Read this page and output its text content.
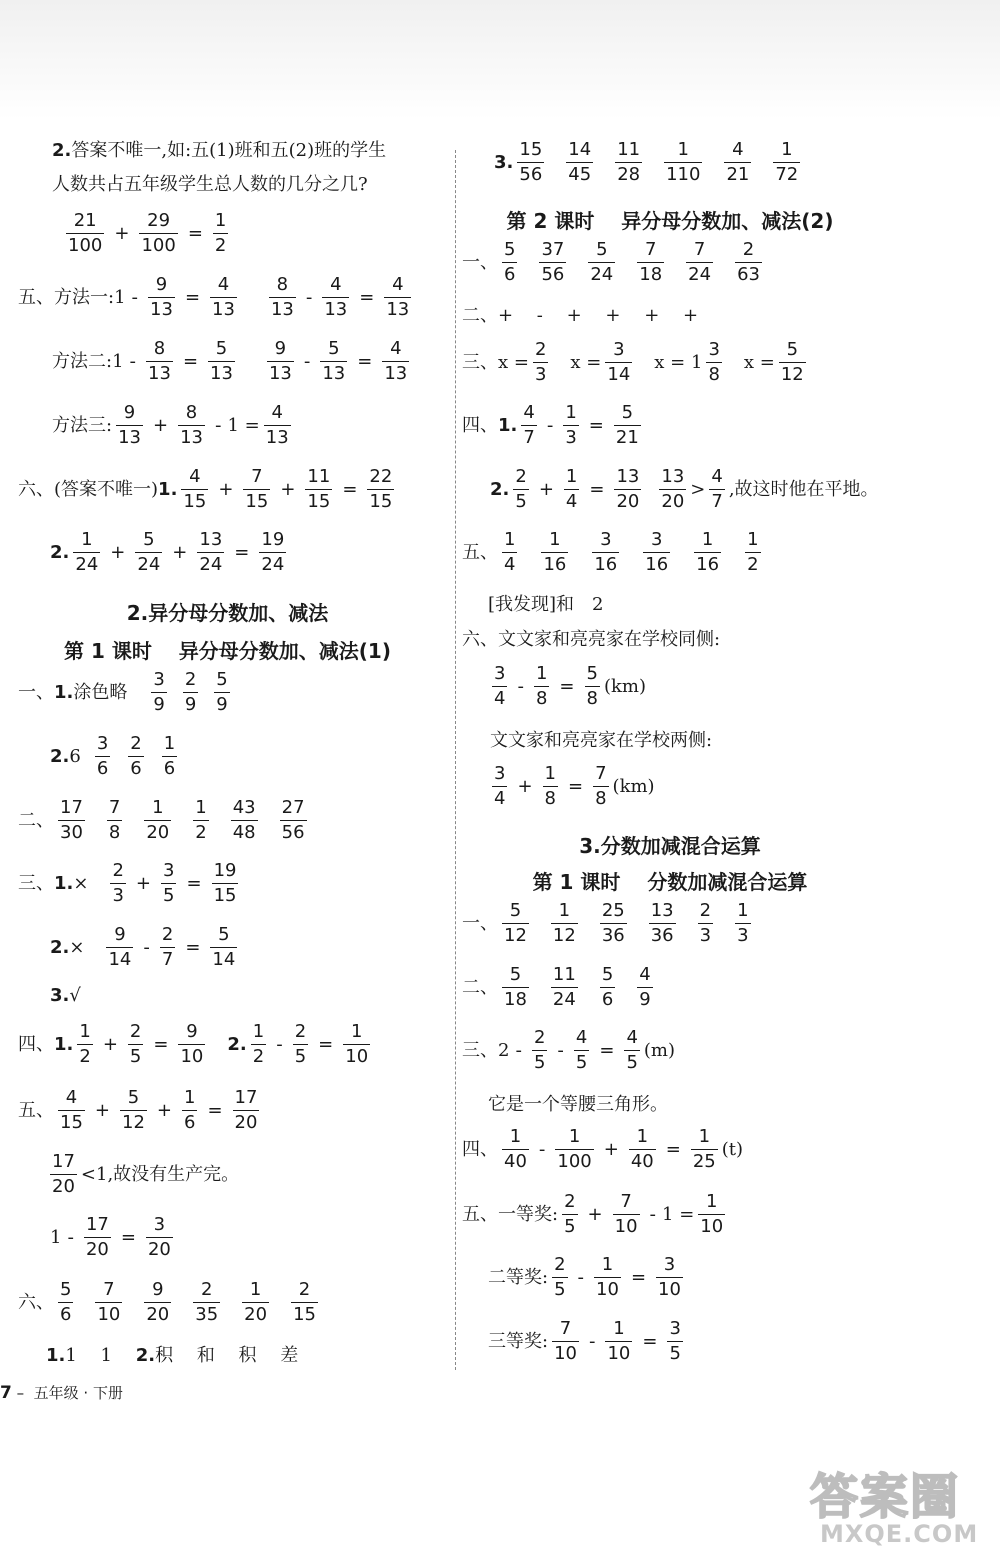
2.异分母分数加、减法
第 1 课时　 异分母分数加、减法(1)
第 2 课时　 异分母分数加、减法(2)
3.分数加减混合运算
第 1 课时　 分数加减混合运算
2. 答案不唯一,如:五(1)班和五(2)班的学生
人数共占五年级学生总人数的几分之几?
$\frac{21}{100} + \frac{29}{100} = \frac{1}{2}$
五、方法一:1 - $\frac{9}{13} = \frac{4}{13} \frac{8}{13} - \frac{4}{13} = \frac{4}{13}$
方法二:1 - $\frac{8}{13} = \frac{5}{13} \frac{9}{13} - \frac{5}{13} = \frac{4}{13}$
方法三: $\frac{9}{13} + \frac{8}{13} - 1 = \frac{4}{13}$
六、(答案不唯一) 1. $\frac{4}{15} + \frac{7}{15} + \frac{11}{15} = \frac{22}{15}$
2. $\frac{1}{24} + \frac{5}{24} + \frac{13}{24} = \frac{19}{24}$
一、 1. 涂色略 $\frac{3}{9} \frac{2}{9} \frac{5}{9}$
2. $6 \frac{3}{6} \frac{2}{6} \frac{1}{6}$
二、 $\frac{17}{30} \frac{7}{8} \frac{1}{20} \frac{1}{2} \frac{43}{48} \frac{27}{56}$
三、 1. × $\frac{2}{3} + \frac{3}{5} = \frac{19}{15}$
2. × $\frac{9}{14} - \frac{2}{7} = \frac{5}{14}$
3. √
四、 1. $\frac{1}{2} + \frac{2}{5} = \frac{9}{10} 2$. $\frac{1}{2} - \frac{2}{5} = \frac{1}{10}$
五、 $\frac{4}{15} + \frac{5}{12} + \frac{1}{6} = \frac{17}{20}$
$\frac{17}{20} <1$,故没有生产完。
$1 - \frac{17}{20} = \frac{3}{20}$
六、 $\frac{5}{6} \frac{7}{10} \frac{9}{20} \frac{2}{35} \frac{1}{20} \frac{2}{15}$
1. 1　 1　 2. 积　 和　 积　 差
3. $\frac{15}{56} \frac{14}{45} \frac{11}{28} \frac{1}{110} \frac{4}{21} \frac{1}{72}$
一、 $\frac{5}{6} \frac{37}{56} \frac{5}{24} \frac{7}{18} \frac{7}{24} \frac{2}{63}$
二、+　 -　 +　 +　 +　 +
三、$x = \frac{2}{3}$ $x = \frac{3}{14}$ $x = 1 \frac{3}{8}$ $x = \frac{5}{12}$
四、 1. $\frac{4}{7} - \frac{1}{3} = \frac{5}{21}$
2. $\frac{2}{5} + \frac{1}{4} = \frac{13}{20} \frac{13}{20} > \frac{4}{7}$ ,故这时他在平地。
五、 $\frac{1}{4} \frac{1}{16} \frac{3}{16} \frac{3}{16} \frac{1}{16} \frac{1}{2}$
[我发现]和　2
六、文文家和亮亮家在学校同侧:
$\frac{3}{4} - \frac{1}{8} = \frac{5}{8} (km)$
文文家和亮亮家在学校两侧:
$\frac{3}{4} + \frac{1}{8} = \frac{7}{8} (km)$
一、 $\frac{5}{12} \frac{1}{12} \frac{25}{36} \frac{13}{36} \frac{2}{3} \frac{1}{3}$
二、 $\frac{5}{18} \frac{11}{24} \frac{5}{6} \frac{4}{9}$
三、$2 - \frac{2}{5} - \frac{4}{5} = \frac{4}{5} (m)$
它是一个等腰三角形。
四、 $\frac{1}{40} - \frac{1}{100} + \frac{1}{40} = \frac{1}{25} (t)$
五、一等奖: $\frac{2}{5} + \frac{7}{10} - 1 = \frac{1}{10}$
二等奖: $\frac{2}{5} - \frac{1}{10} = \frac{3}{10}$
三等奖: $\frac{7}{10} - \frac{1}{10} = \frac{3}{5}$
7 –  五年级 · 下册
答案圈
MXQE.COM
